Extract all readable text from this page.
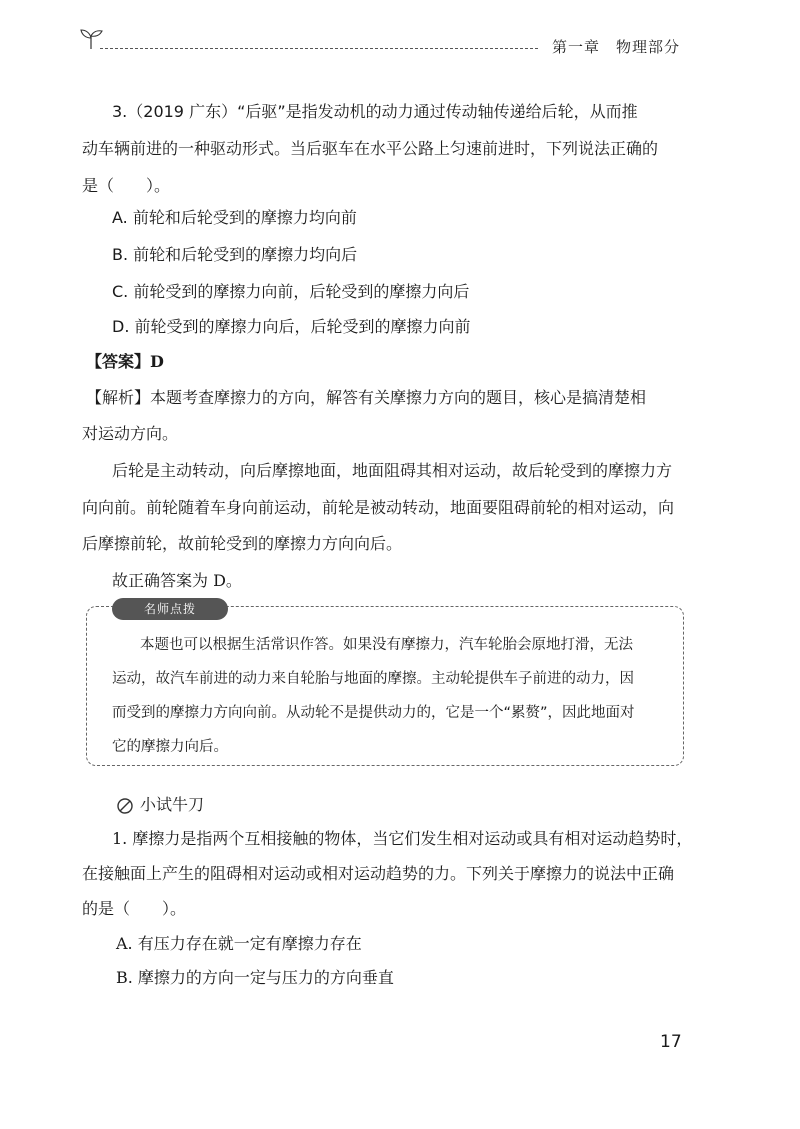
第一章　物理部分
3.（2019 广东）“后驱”是指发动机的动力通过传动轴传递给后轮，从而推
动车辆前进的一种驱动形式。当后驱车在水平公路上匀速前进时，下列说法正确的
是（　　）。
A. 前轮和后轮受到的摩擦力均向前
B. 前轮和后轮受到的摩擦力均向后
C. 前轮受到的摩擦力向前，后轮受到的摩擦力向后
D. 前轮受到的摩擦力向后，后轮受到的摩擦力向前
【答案】D
【解析】本题考查摩擦力的方向，解答有关摩擦力方向的题目，核心是搞清楚相
对运动方向。
后轮是主动转动，向后摩擦地面，地面阻碍其相对运动，故后轮受到的摩擦力方
向向前。前轮随着车身向前运动，前轮是被动转动，地面要阻碍前轮的相对运动，向
后摩擦前轮，故前轮受到的摩擦力方向向后。
故正确答案为 D。
名师点拨
本题也可以根据生活常识作答。如果没有摩擦力，汽车轮胎会原地打滑，无法
运动，故汽车前进的动力来自轮胎与地面的摩擦。主动轮提供车子前进的动力，因
而受到的摩擦力方向向前。从动轮不是提供动力的，它是一个“累赘”，因此地面对
它的摩擦力向后。
小试牛刀
1. 摩擦力是指两个互相接触的物体，当它们发生相对运动或具有相对运动趋势时，
在接触面上产生的阻碍相对运动或相对运动趋势的力。下列关于摩擦力的说法中正确
的是（　　）。
A. 有压力存在就一定有摩擦力存在
B. 摩擦力的方向一定与压力的方向垂直
17
